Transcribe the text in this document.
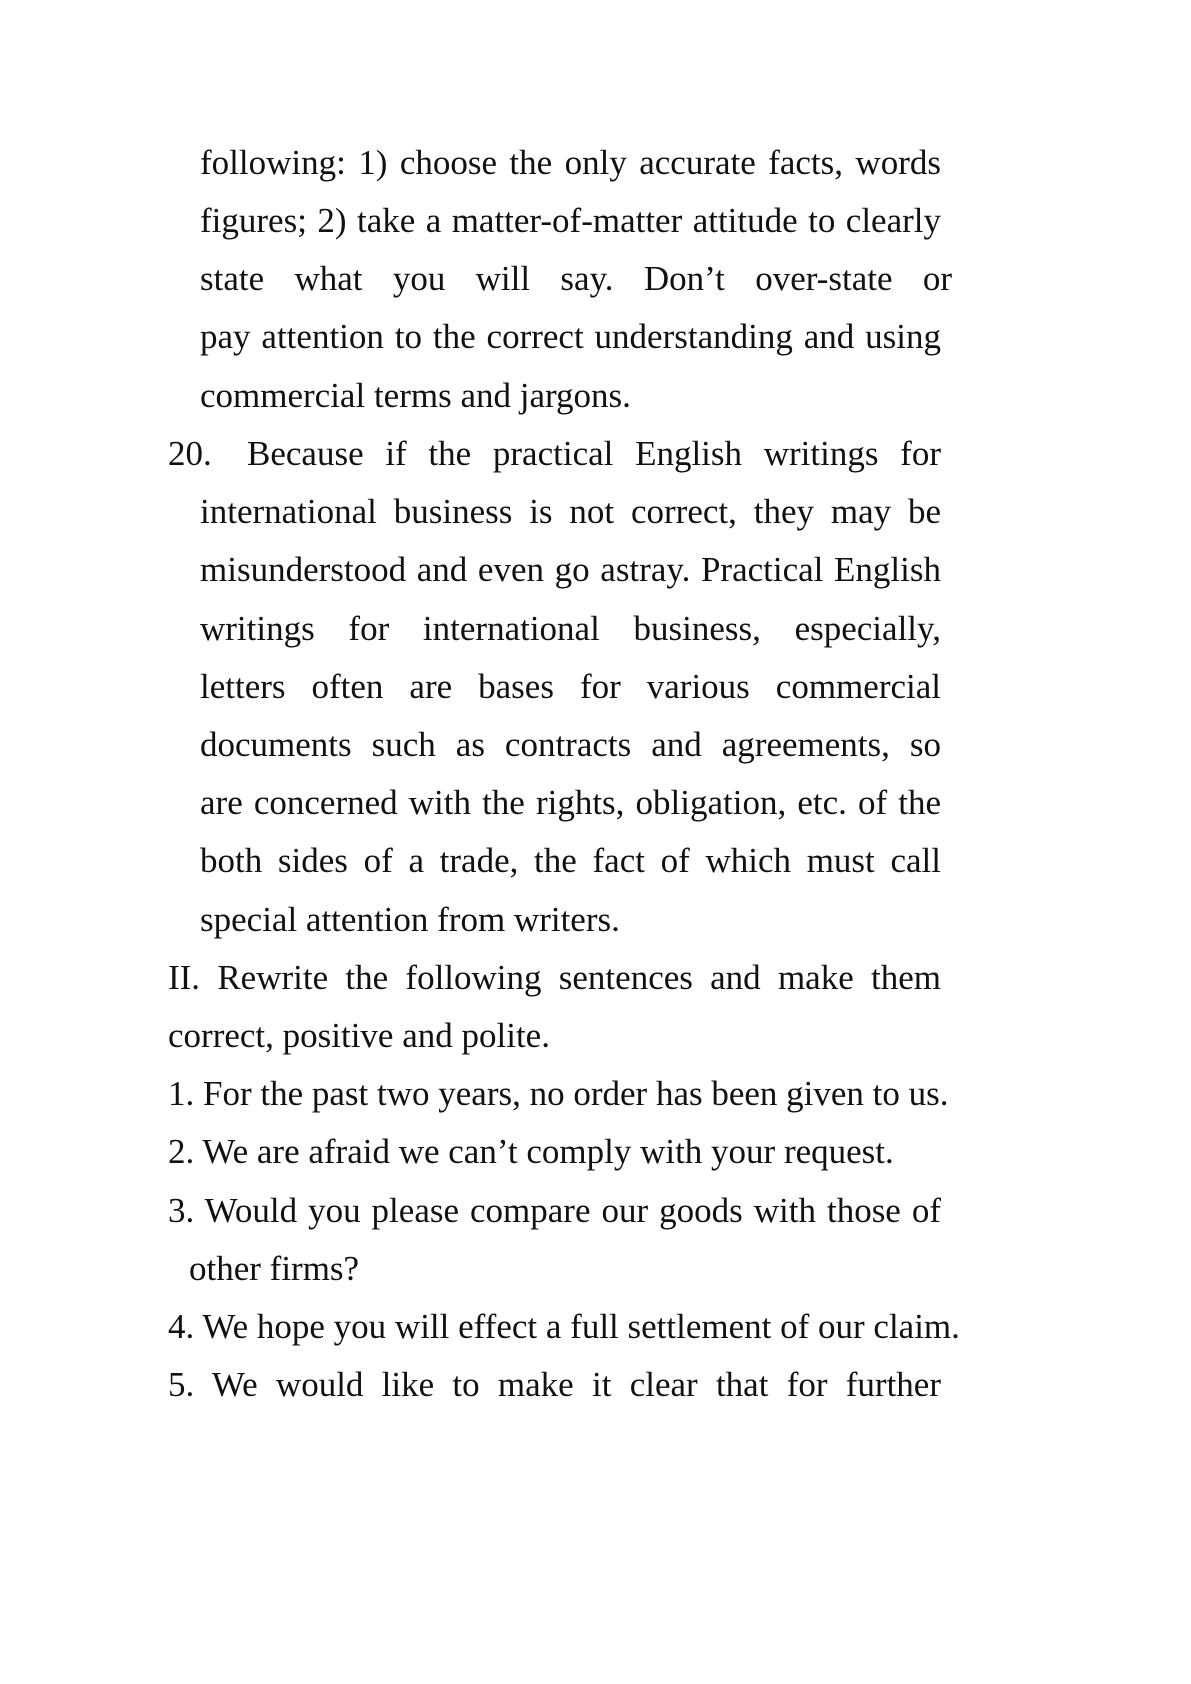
following: 1) choose the only accurate facts, words

figures; 2) take a matter-of-matter attitude to clearly

state what you will say. Don’t over-state or

pay attention to the correct understanding and using

commercial terms and jargons.

20. Because if the practical English writings for

international business is not correct, they may be

misunderstood and even go astray. Practical English

writings for international business, especially,

letters often are bases for various commercial

documents such as contracts and agreements, so

are concerned with the rights, obligation, etc. of the

both sides of a trade, the fact of which must call

special attention from writers.

II. Rewrite the following sentences and make them

correct, positive and polite.

1. For the past two years, no order has been given to us.

2. We are afraid we can’t comply with your request.

3. Would you please compare our goods with those of

other firms?

4. We hope you will effect a full settlement of our claim.

5. We would like to make it clear that for further
